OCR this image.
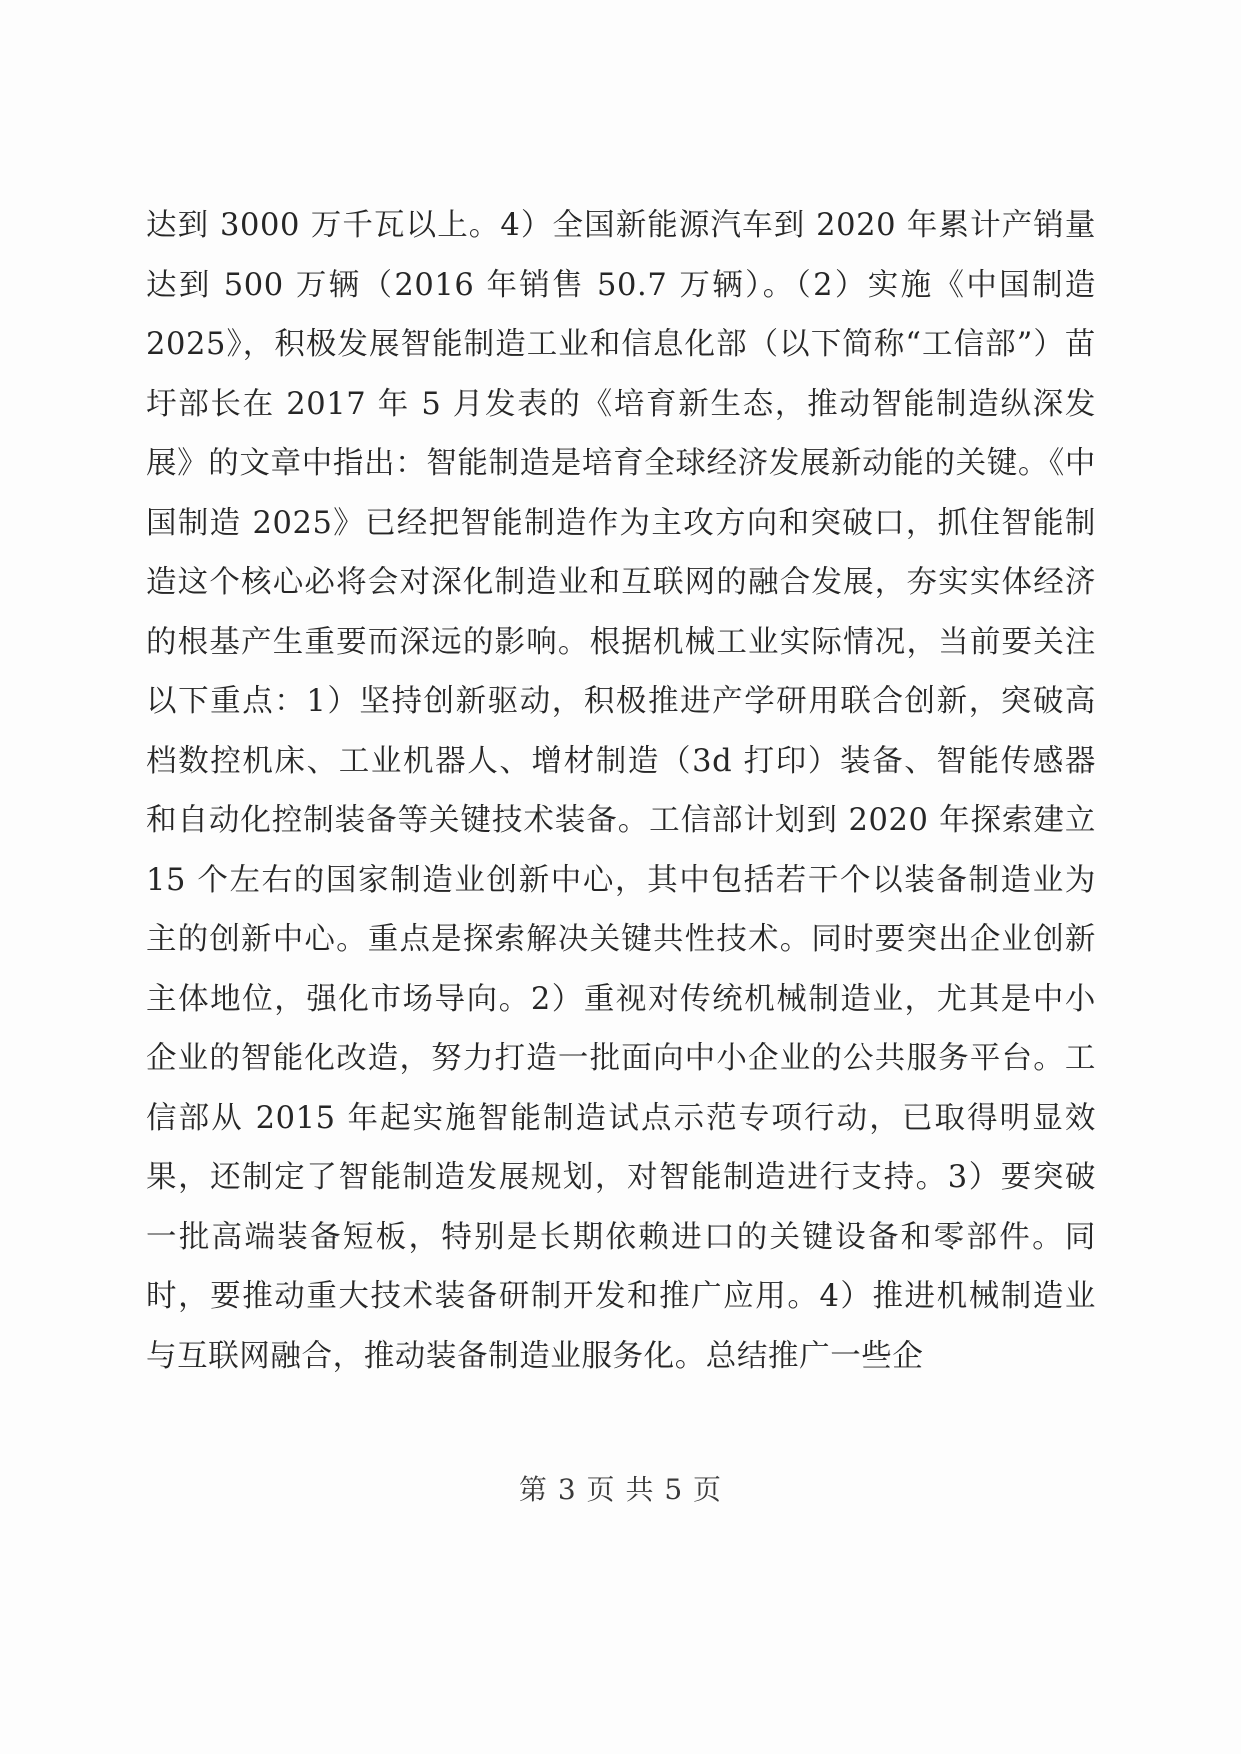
达到 3000 万千瓦以上。4）全国新能源汽车到 2020 年累计产销量达到 500 万辆（2016 年销售 50.7 万辆）。（2）实施《中国制造 2025》，积极发展智能制造工业和信息化部（以下简称“工信部”）苗圩部长在 2017 年 5 月发表的《培育新生态，推动智能制造纵深发展》的文章中指出：智能制造是培育全球经济发展新动能的关键。《中国制造 2025》已经把智能制造作为主攻方向和突破口，抓住智能制造这个核心必将会对深化制造业和互联网的融合发展，夯实实体经济的根基产生重要而深远的影响。根据机械工业实际情况，当前要关注以下重点：1）坚持创新驱动，积极推进产学研用联合创新，突破高档数控机床、工业机器人、增材制造（3d 打印）装备、智能传感器和自动化控制装备等关键技术装备。工信部计划到 2020 年探索建立 15 个左右的国家制造业创新中心，其中包括若干个以装备制造业为主的创新中心。重点是探索解决关键共性技术。同时要突出企业创新主体地位，强化市场导向。2）重视对传统机械制造业，尤其是中小企业的智能化改造，努力打造一批面向中小企业的公共服务平台。工信部从 2015 年起实施智能制造试点示范专项行动，已取得明显效果，还制定了智能制造发展规划，对智能制造进行支持。3）要突破一批高端装备短板，特别是长期依赖进口的关键设备和零部件。同时，要推动重大技术装备研制开发和推广应用。4）推进机械制造业与互联网融合，推动装备制造业服务化。总结推广一些企

第 3 页 共 5 页
